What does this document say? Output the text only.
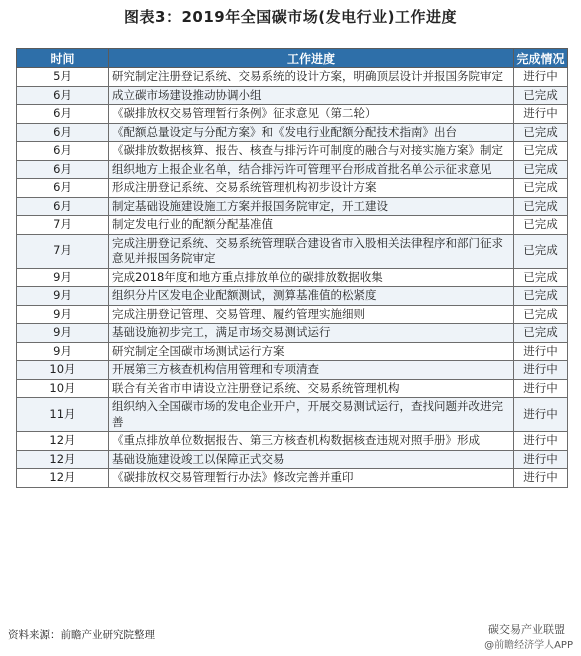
图表3：2019年全国碳市场(发电行业)工作进度
时间	工作进度	完成情况
5月	研究制定注册登记系统、交易系统的设计方案，明确顶层设计并报国务院审定	进行中
6月	成立碳市场建设推动协调小组	已完成
6月	《碳排放权交易管理暂行条例》征求意见（第二轮）	进行中
6月	《配额总量设定与分配方案》和《发电行业配额分配技术指南》出台	已完成
6月	《碳排放数据核算、报告、核查与排污许可制度的融合与对接实施方案》制定	已完成
6月	组织地方上报企业名单，结合排污许可管理平台形成首批名单公示征求意见	已完成
6月	形成注册登记系统、交易系统管理机构初步设计方案	已完成
6月	制定基础设施建设施工方案并报国务院审定，开工建设	已完成
7月	制定发电行业的配额分配基准值	已完成
7月	完成注册登记系统、交易系统管理联合建设省市入股相关法律程序和部门征求意见并报国务院审定	已完成
9月	完成2018年度和地方重点排放单位的碳排放数据收集	已完成
9月	组织分片区发电企业配额测试，测算基准值的松紧度	已完成
9月	完成注册登记管理、交易管理、履约管理实施细则	已完成
9月	基础设施初步完工，满足市场交易测试运行	已完成
9月	研究制定全国碳市场测试运行方案	进行中
10月	开展第三方核查机构信用管理和专项清查	进行中
10月	联合有关省市申请设立注册登记系统、交易系统管理机构	进行中
11月	组织纳入全国碳市场的发电企业开户，开展交易测试运行，查找问题并改进完善	进行中
12月	《重点排放单位数据报告、第三方核查机构数据核查违规对照手册》形成	进行中
12月	基础设施建设竣工以保障正式交易	进行中
12月	《碳排放权交易管理暂行办法》修改完善并重印	进行中
碳交易产业联盟
@前瞻经济学人APP
资料来源：前瞻产业研究院整理
